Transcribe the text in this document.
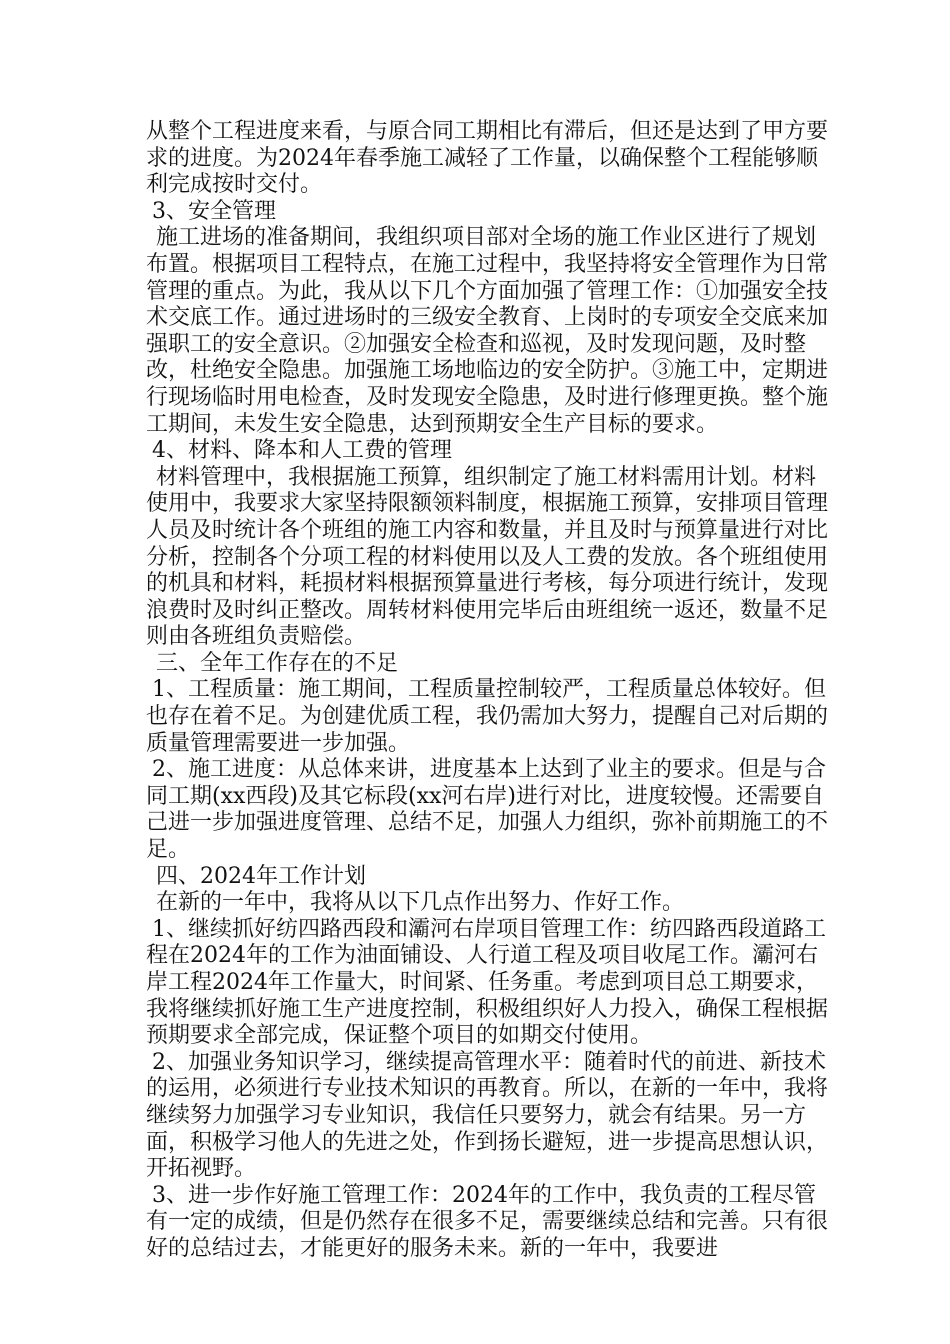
从整个工程进度来看，与原合同工期相比有滞后，但还是达到了甲方要求的进度。为2024年春季施工减轻了工作量，以确保整个工程能够顺利完成按时交付。

3、安全管理

施工进场的准备期间，我组织项目部对全场的施工作业区进行了规划布置。根据项目工程特点，在施工过程中，我坚持将安全管理作为日常管理的重点。为此，我从以下几个方面加强了管理工作：①加强安全技术交底工作。通过进场时的三级安全教育、上岗时的专项安全交底来加强职工的安全意识。②加强安全检查和巡视，及时发现问题，及时整改，杜绝安全隐患。加强施工场地临边的安全防护。③施工中，定期进行现场临时用电检查，及时发现安全隐患，及时进行修理更换。整个施工期间，未发生安全隐患，达到预期安全生产目标的要求。

4、材料、降本和人工费的管理

材料管理中，我根据施工预算，组织制定了施工材料需用计划。材料使用中，我要求大家坚持限额领料制度，根据施工预算，安排项目管理人员及时统计各个班组的施工内容和数量，并且及时与预算量进行对比分析，控制各个分项工程的材料使用以及人工费的发放。各个班组使用的机具和材料，耗损材料根据预算量进行考核，每分项进行统计，发现浪费时及时纠正整改。周转材料使用完毕后由班组统一返还，数量不足则由各班组负责赔偿。

三、全年工作存在的不足

1、工程质量：施工期间，工程质量控制较严，工程质量总体较好。但也存在着不足。为创建优质工程，我仍需加大努力，提醒自己对后期的质量管理需要进一步加强。

2、施工进度：从总体来讲，进度基本上达到了业主的要求。但是与合同工期(xx西段)及其它标段(xx河右岸)进行对比，进度较慢。还需要自己进一步加强进度管理、总结不足，加强人力组织，弥补前期施工的不足。

四、2024年工作计划

在新的一年中，我将从以下几点作出努力、作好工作。

1、继续抓好纺四路西段和灞河右岸项目管理工作：纺四路西段道路工程在2024年的工作为油面铺设、人行道工程及项目收尾工作。灞河右岸工程2024年工作量大，时间紧、任务重。考虑到项目总工期要求，我将继续抓好施工生产进度控制，积极组织好人力投入，确保工程根据预期要求全部完成，保证整个项目的如期交付使用。

2、加强业务知识学习，继续提高管理水平：随着时代的前进、新技术的运用，必须进行专业技术知识的再教育。所以，在新的一年中，我将继续努力加强学习专业知识，我信任只要努力，就会有结果。另一方面，积极学习他人的先进之处，作到扬长避短，进一步提高思想认识，开拓视野。

3、进一步作好施工管理工作：2024年的工作中，我负责的工程尽管有一定的成绩，但是仍然存在很多不足，需要继续总结和完善。只有很好的总结过去，才能更好的服务未来。新的一年中，我要进
